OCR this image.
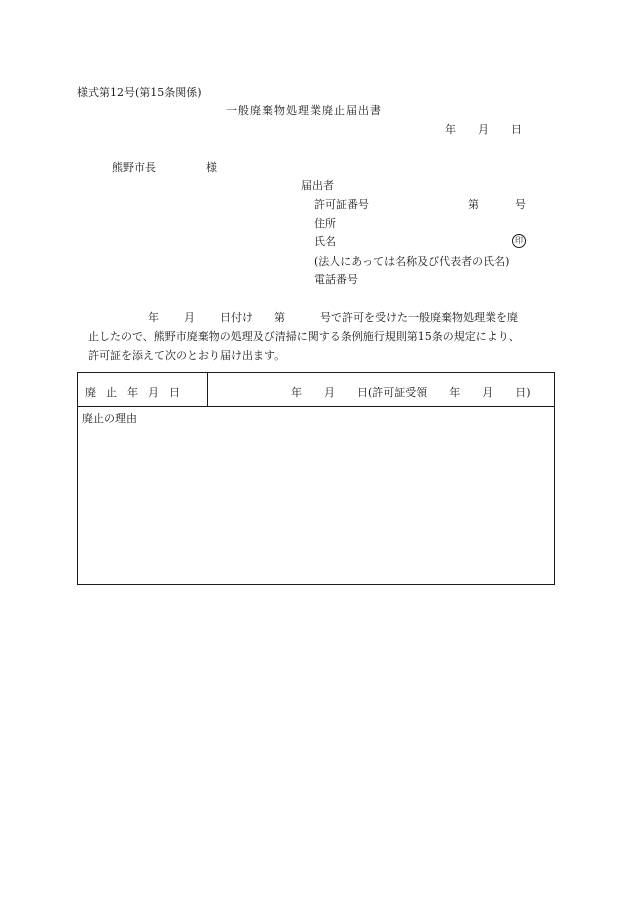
様式第12号(第15条関係)
一般廃棄物処理業廃止届出書
年 月 日
熊野市長	様
届出者
許可証番号	第	号
住所
氏名	印
(法人にあっては名称及び代表者の氏名)
電話番号
年 月 日付け 第	号で許可を受けた一般廃棄物処理業を廃
止したので、熊野市廃棄物の処理及び清掃に関する条例施行規則第15条の規定により、
許可証を添えて次のとおり届け出ます。
廃止年月日	年　　月　　日(許可証受領　　年　　月　　日)
廃止の理由
